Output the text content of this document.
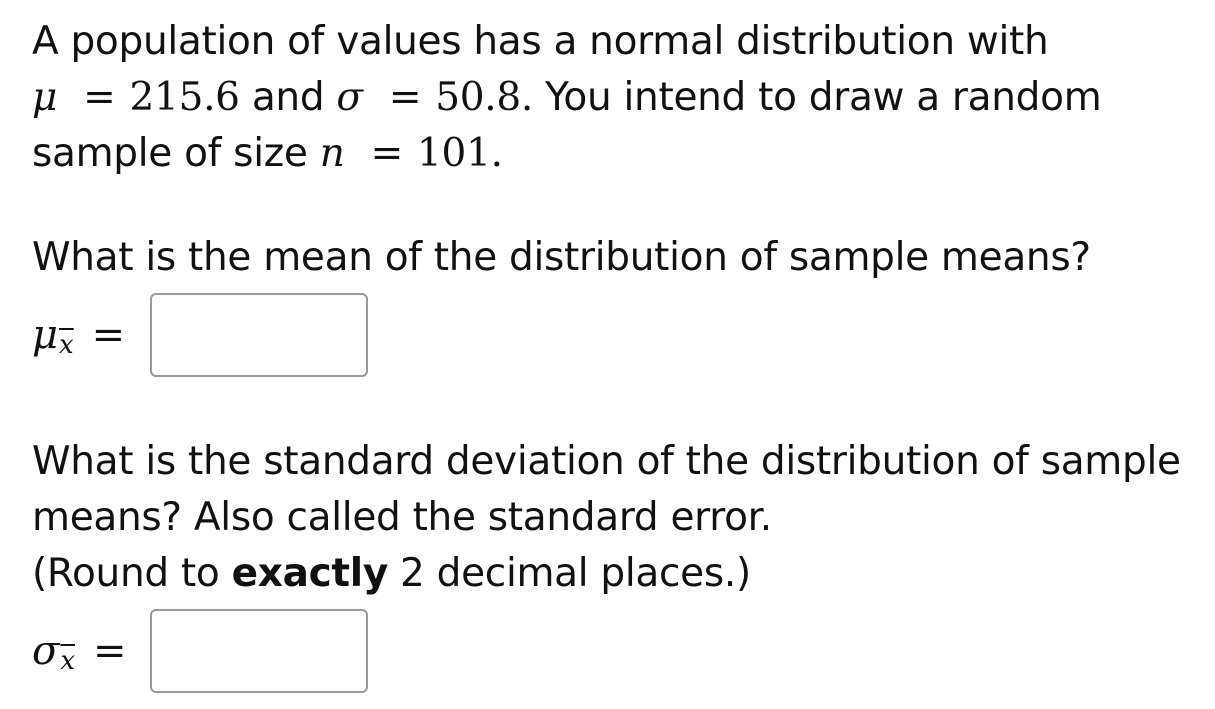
A population of values has a normal distribution with

μ = 215.6 and σ = 50.8. You intend to draw a random

sample of size n = 101.

What is the mean of the distribution of sample means?

μ $\overline{x}$ =

What is the standard deviation of the distribution of sample

means? Also called the standard error.

(Round to exactly 2 decimal places.)

σ $\overline{x}$ =
